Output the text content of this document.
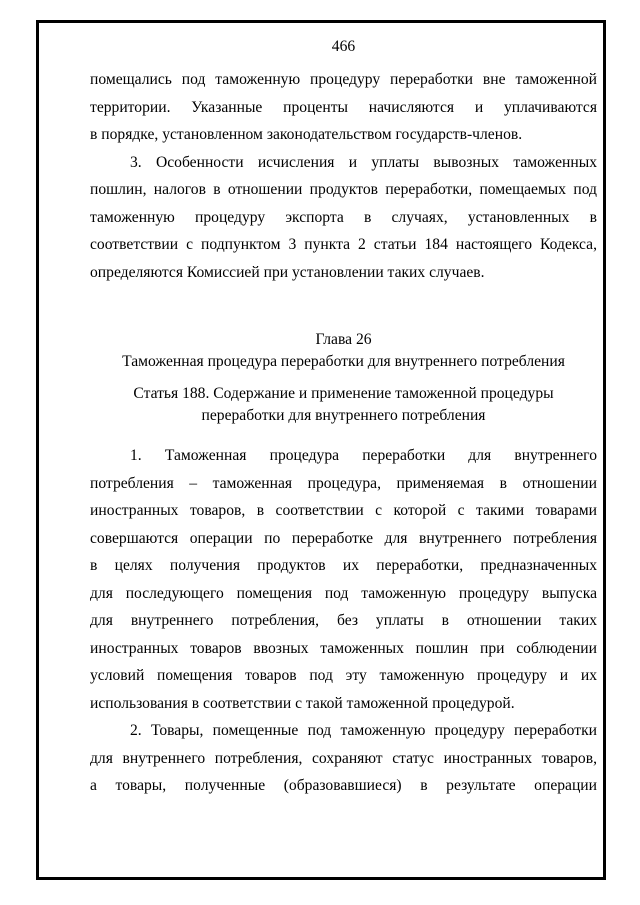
466
помещались под таможенную процедуру переработки вне таможенной
территории. Указанные проценты начисляются и уплачиваются
в порядке, установленном законодательством государств-членов.
3. Особенности исчисления и уплаты вывозных таможенных
пошлин, налогов в отношении продуктов переработки, помещаемых под
таможенную процедуру экспорта в случаях, установленных в
соответствии с подпунктом 3 пункта 2 статьи 184 настоящего Кодекса,
определяются Комиссией при установлении таких случаев.

Глава 26

Таможенная процедура переработки для внутреннего потребления

Статья 188. Содержание и применение таможенной процедуры

переработки для внутреннего потребления

1. Таможенная процедура переработки для внутреннего
потребления – таможенная процедура, применяемая в отношении
иностранных товаров, в соответствии с которой с такими товарами
совершаются операции по переработке для внутреннего потребления
в целях получения продуктов их переработки, предназначенных
для последующего помещения под таможенную процедуру выпуска
для внутреннего потребления, без уплаты в отношении таких
иностранных товаров ввозных таможенных пошлин при соблюдении
условий помещения товаров под эту таможенную процедуру и их
использования в соответствии с такой таможенной процедурой.
2. Товары, помещенные под таможенную процедуру переработки
для внутреннего потребления, сохраняют статус иностранных товаров,
а товары, полученные (образовавшиеся) в результате операции
